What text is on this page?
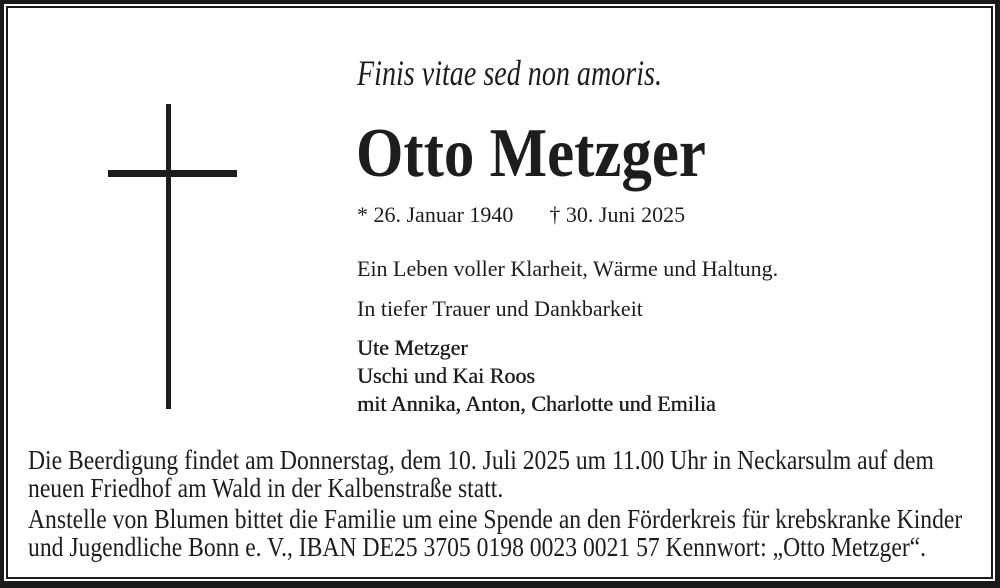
Finis vitae sed non amoris.
Otto Metzger
* 26. Januar 1940 † 30. Juni 2025
Ein Leben voller Klarheit, Wärme und Haltung.
In tiefer Trauer und Dankbarkeit
Ute Metzger
Uschi und Kai Roos
mit Annika, Anton, Charlotte und Emilia
Die Beerdigung findet am Donnerstag, dem 10. Juli 2025 um 11.00 Uhr in Neckarsulm auf dem
neuen Friedhof am Wald in der Kalbenstraße statt.
Anstelle von Blumen bittet die Familie um eine Spende an den Förderkreis für krebskranke Kinder
und Jugendliche Bonn e. V., IBAN DE25 3705 0198 0023 0021 57 Kennwort: „Otto Metzger“.
